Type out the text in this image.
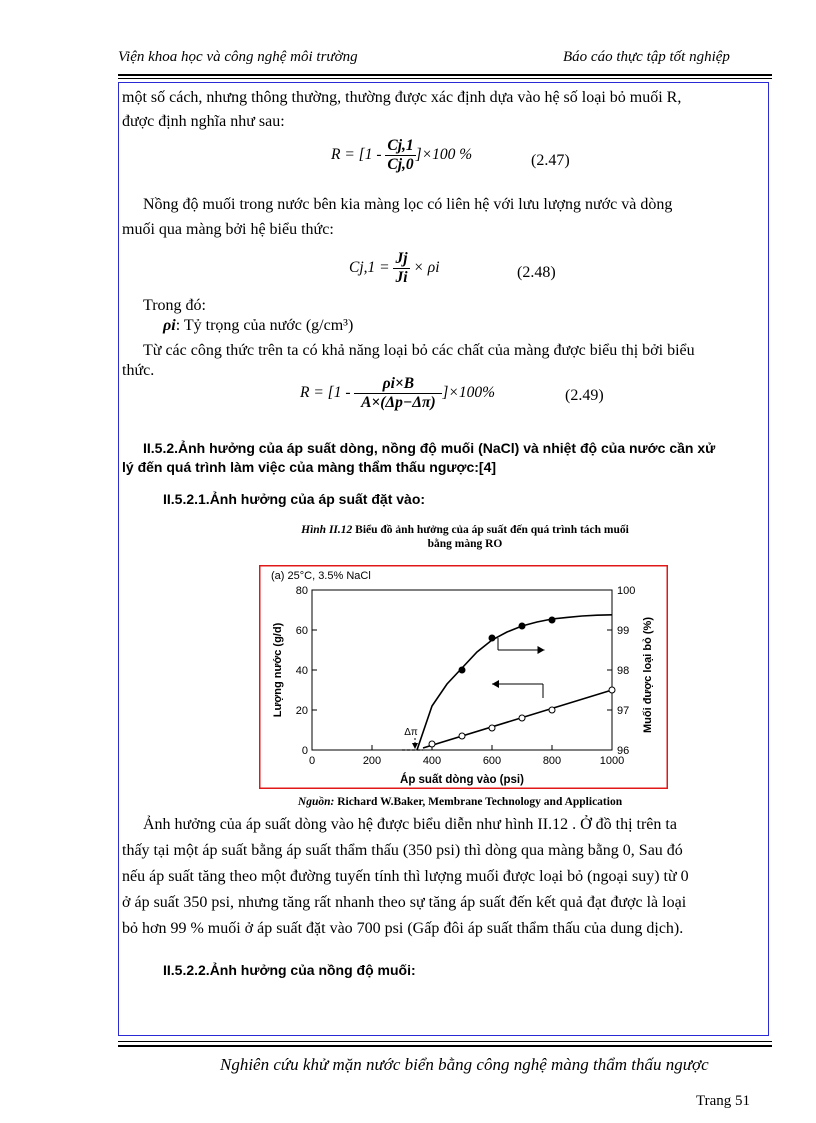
Viện khoa học và công nghệ môi trường	Báo cáo thực tập tốt nghiệp
một số cách, nhưng thông thường, thường được xác định dựa vào hệ số loại bỏ muối R,
được định nghĩa như sau:
$R = [1 - \frac{Cj,1}{Cj,0} ]\times 100$ %	(2.47)
Nồng độ muối trong nước bên kia màng lọc có liên hệ với lưu lượng nước và dòng
muối qua màng bởi hệ biểu thức:
$Cj,1 = \frac{Jj}{Ji} \times \rho i$	(2.48)
Trong đó:
ρi: Tỷ trọng của nước (g/cm³)
Từ các công thức trên ta có khả năng loại bỏ các chất của màng được biểu thị bởi biểu
thức.
$R = [1 - \frac{\rho i\times B}{A\times(\Delta p-\Delta\pi)} ]\times 100\%$	(2.49)
II.5.2.Ảnh hưởng của áp suất dòng, nồng độ muối (NaCl) và nhiệt độ của nước cần xử
lý đến quá trình làm việc của màng thẩm thấu ngược:[4]
II.5.2.1.Ảnh hưởng của áp suất đặt vào:
Hình II.12 Biểu đồ ảnh hưởng của áp suất đến quá trình tách muối
bằng màng RO
0	200	400	600	800	1000
0
20
40
60
80
96
97
98
99
100
(a) 25°C, 3.5% NaCl
Áp suất dòng vào (psi)
Lượng nước (g/d)	Muối được loại bỏ (%)
Δπ
Nguồn: Richard W.Baker, Membrane Technology and Application
Ảnh hưởng của áp suất dòng vào hệ được biểu diễn như hình II.12 . Ở đồ thị trên ta
thấy tại một áp suất bằng áp suất thẩm thấu (350 psi) thì dòng qua màng bằng 0, Sau đó
nếu áp suất tăng theo một đường tuyến tính thì lượng muối được loại bỏ (ngoại suy) từ 0
ở áp suất 350 psi, nhưng tăng rất nhanh theo sự tăng áp suất đến kết quả đạt được là loại
bỏ hơn 99 % muối ở áp suất đặt vào 700 psi (Gấp đôi áp suất thẩm thấu của dung dịch).
II.5.2.2.Ảnh hưởng của nồng độ muối:
Nghiên cứu khử mặn nước biển bằng công nghệ màng thẩm thấu ngược
Trang 51
